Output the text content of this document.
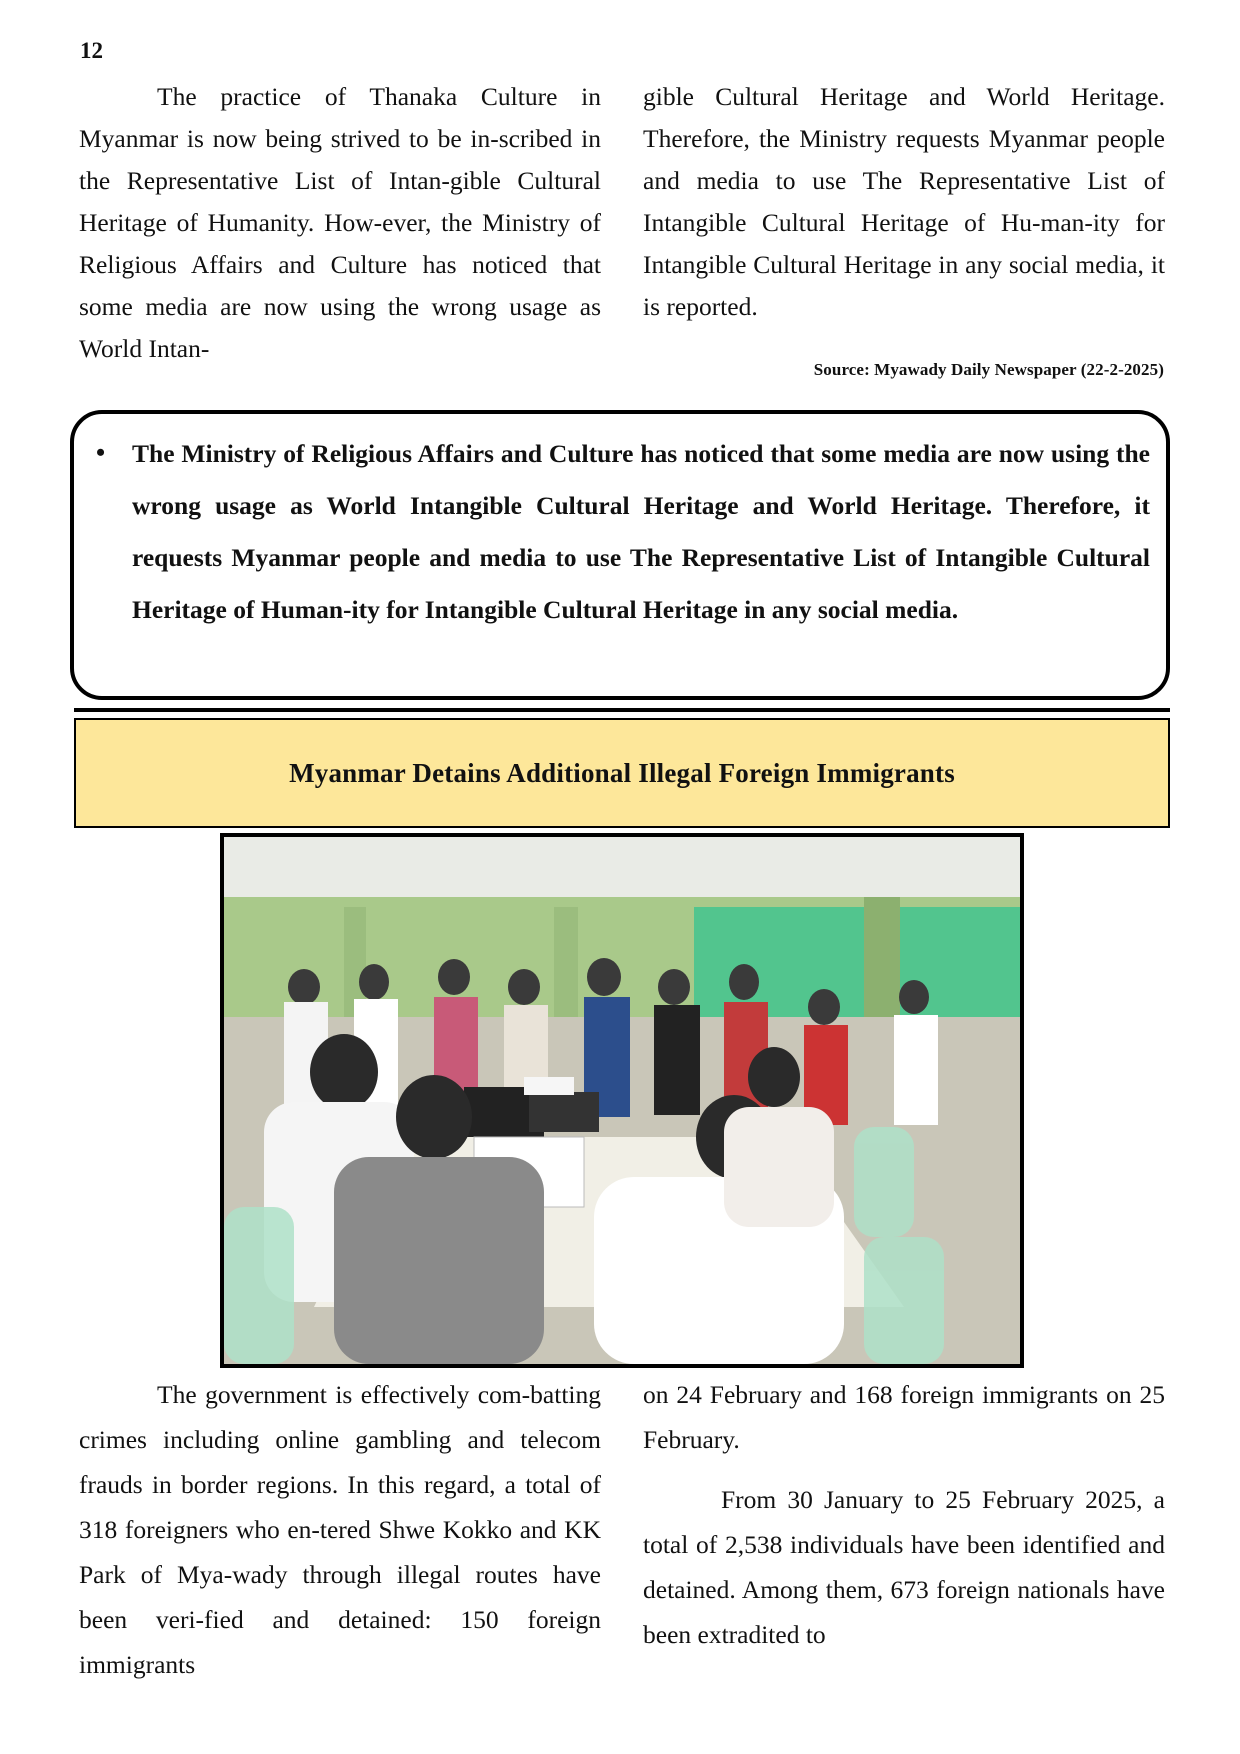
12

The practice of Thanaka Culture in Myanmar is now being strived to be in-scribed in the Representative List of Intan-gible Cultural Heritage of Humanity. How-ever, the Ministry of Religious Affairs and Culture has noticed that some media are now using the wrong usage as World Intan-

gible Cultural Heritage and World Heritage. Therefore, the Ministry requests Myanmar people and media to use The Representative List of Intangible Cultural Heritage of Hu-man-ity for Intangible Cultural Heritage in any social media, it is reported.

Source: Myawady Daily Newspaper (22-2-2025)
• The Ministry of Religious Affairs and Culture has noticed that some media are now using the wrong usage as World Intangible Cultural Heritage and World Heritage. Therefore, it requests Myanmar people and media to use The Representative List of Intangible Cultural Heritage of Human-ity for Intangible Cultural Heritage in any social media.
Myanmar Detains Additional Illegal Foreign Immigrants

The government is effectively com-batting crimes including online gambling and telecom frauds in border regions. In this regard, a total of 318 foreigners who en-tered Shwe Kokko and KK Park of Mya-wady through illegal routes have been veri-fied and detained: 150 foreign immigrants

on 24 February and 168 foreign immigrants on 25 February.

From 30 January to 25 February 2025, a total of 2,538 individuals have been identified and detained. Among them, 673 foreign nationals have been extradited to
